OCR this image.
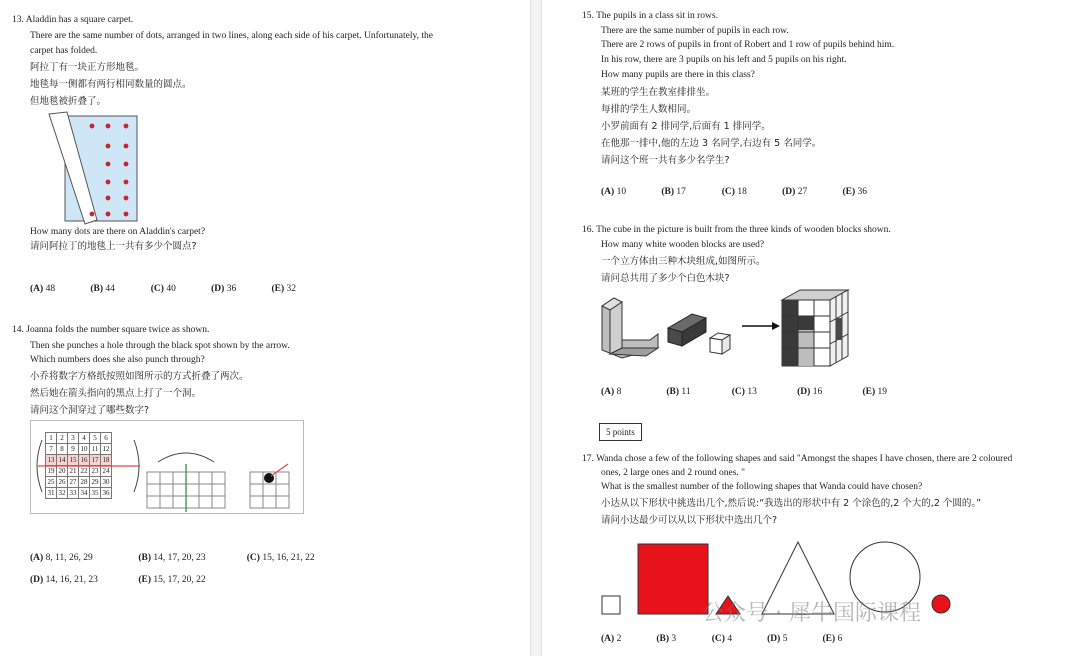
13. Aladdin has a square carpet.
There are the same number of dots, arranged in two lines, along each side of his carpet. Unfortunately, the
carpet has folded.
阿拉丁有一块正方形地毯。
地毯每一侧都有两行相同数量的圆点。
但地毯被折叠了。
How many dots are there on Aladdin's carpet?
请问阿拉丁的地毯上一共有多少个圆点?
(A) 48	(B) 44	(C) 40	(D) 36	(E) 32
14. Joanna folds the number square twice as shown.
Then she punches a hole through the black spot shown by the arrow.
Which numbers does she also punch through?
小乔将数字方格纸按照如图所示的方式折叠了两次。
然后她在箭头指向的黑点上打了一个洞。
请问这个洞穿过了哪些数字?
1	2	3	4	5	6
7	8	9	10	11	12
13	14	15	16	17	18
19	20	21	22	23	24
25	26	27	28	29	30
31	32	33	34	35	36
(A) 8, 11, 26, 29	(B) 14, 17, 20, 23	(C) 15, 16, 21, 22
(D) 14, 16, 21, 23	(E) 15, 17, 20, 22
15. The pupils in a class sit in rows.
There are the same number of pupils in each row.
There are 2 rows of pupils in front of Robert and 1 row of pupils behind him.
In his row, there are 3 pupils on his left and 5 pupils on his right.
How many pupils are there in this class?
某班的学生在教室排排坐。
每排的学生人数相同。
小罗前面有 2 排同学,后面有 1 排同学。
在他那一排中,他的左边 3 名同学,右边有 5 名同学。
请问这个班一共有多少名学生?
(A) 10	(B) 17	(C) 18	(D) 27	(E) 36
16. The cube in the picture is built from the three kinds of wooden blocks shown.
How many white wooden blocks are used?
一个立方体由三种木块组成,如图所示。
请问总共用了多少个白色木块?
(A) 8	(B) 11	(C) 13	(D) 16	(E) 19
5 points
17. Wanda chose a few of the following shapes and said "Amongst the shapes I have chosen, there are 2 coloured
ones, 2 large ones and 2 round ones. "
What is the smallest number of the following shapes that Wanda could have chosen?
小达从以下形状中挑选出几个,然后说:“我选出的形状中有 2 个涂色的,2 个大的,2 个圆的。”
请问小达最少可以从以下形状中选出几个?
(A) 2	(B) 3	(C) 4	(D) 5	(E) 6
公众号 · 犀牛国际课程
